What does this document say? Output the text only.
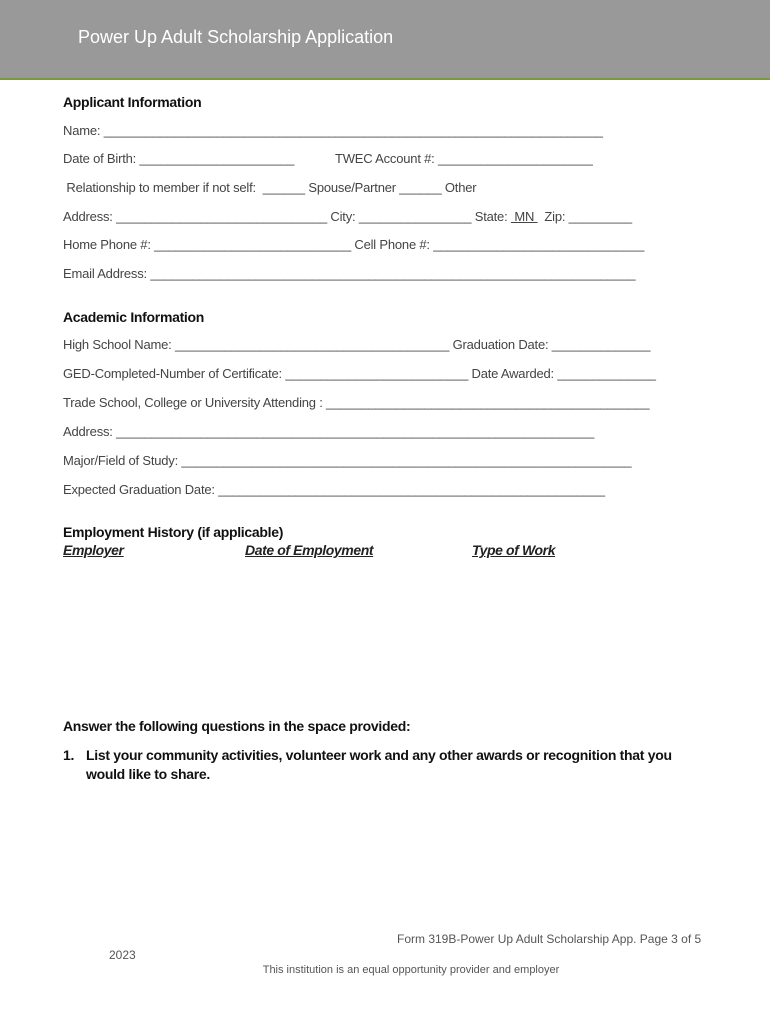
Power Up Adult Scholarship Application
Applicant Information
Name: _______________________________________________________________________
Date of Birth: ______________________	TWEC Account #: ______________________
Relationship to member if not self:  ______ Spouse/Partner ______ Other
Address: ______________________________ City: ________________ State:  MN   Zip: _________
Home Phone #: ____________________________ Cell Phone #: ______________________________
Email Address: _____________________________________________________________________
Academic Information
High School Name: _______________________________________ Graduation Date: ______________
GED-Completed-Number of Certificate: __________________________ Date Awarded: ______________
Trade School, College or University Attending : ______________________________________________
Address: ____________________________________________________________________
Major/Field of Study: ________________________________________________________________
Expected Graduation Date: _______________________________________________________
Employment History (if applicable)
Employer	Date of Employment	Type of Work
Answer the following questions in the space provided:
1. List your community activities, volunteer work and any other awards or recognition that you would like to share.
Form 319B-Power Up Adult Scholarship App. Page 3 of 5
2023
This institution is an equal opportunity provider and employer
